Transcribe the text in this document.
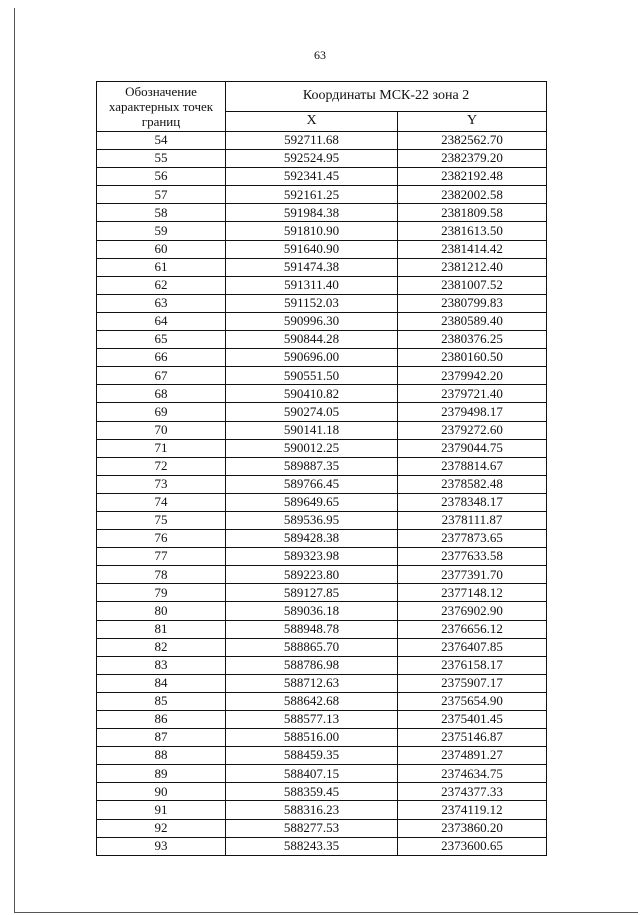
63
Обозначение характерных точек границ	Координаты МСК-22 зона 2	
	X	Y
54	592711.68	2382562.70
55	592524.95	2382379.20
56	592341.45	2382192.48
57	592161.25	2382002.58
58	591984.38	2381809.58
59	591810.90	2381613.50
60	591640.90	2381414.42
61	591474.38	2381212.40
62	591311.40	2381007.52
63	591152.03	2380799.83
64	590996.30	2380589.40
65	590844.28	2380376.25
66	590696.00	2380160.50
67	590551.50	2379942.20
68	590410.82	2379721.40
69	590274.05	2379498.17
70	590141.18	2379272.60
71	590012.25	2379044.75
72	589887.35	2378814.67
73	589766.45	2378582.48
74	589649.65	2378348.17
75	589536.95	2378111.87
76	589428.38	2377873.65
77	589323.98	2377633.58
78	589223.80	2377391.70
79	589127.85	2377148.12
80	589036.18	2376902.90
81	588948.78	2376656.12
82	588865.70	2376407.85
83	588786.98	2376158.17
84	588712.63	2375907.17
85	588642.68	2375654.90
86	588577.13	2375401.45
87	588516.00	2375146.87
88	588459.35	2374891.27
89	588407.15	2374634.75
90	588359.45	2374377.33
91	588316.23	2374119.12
92	588277.53	2373860.20
93	588243.35	2373600.65
